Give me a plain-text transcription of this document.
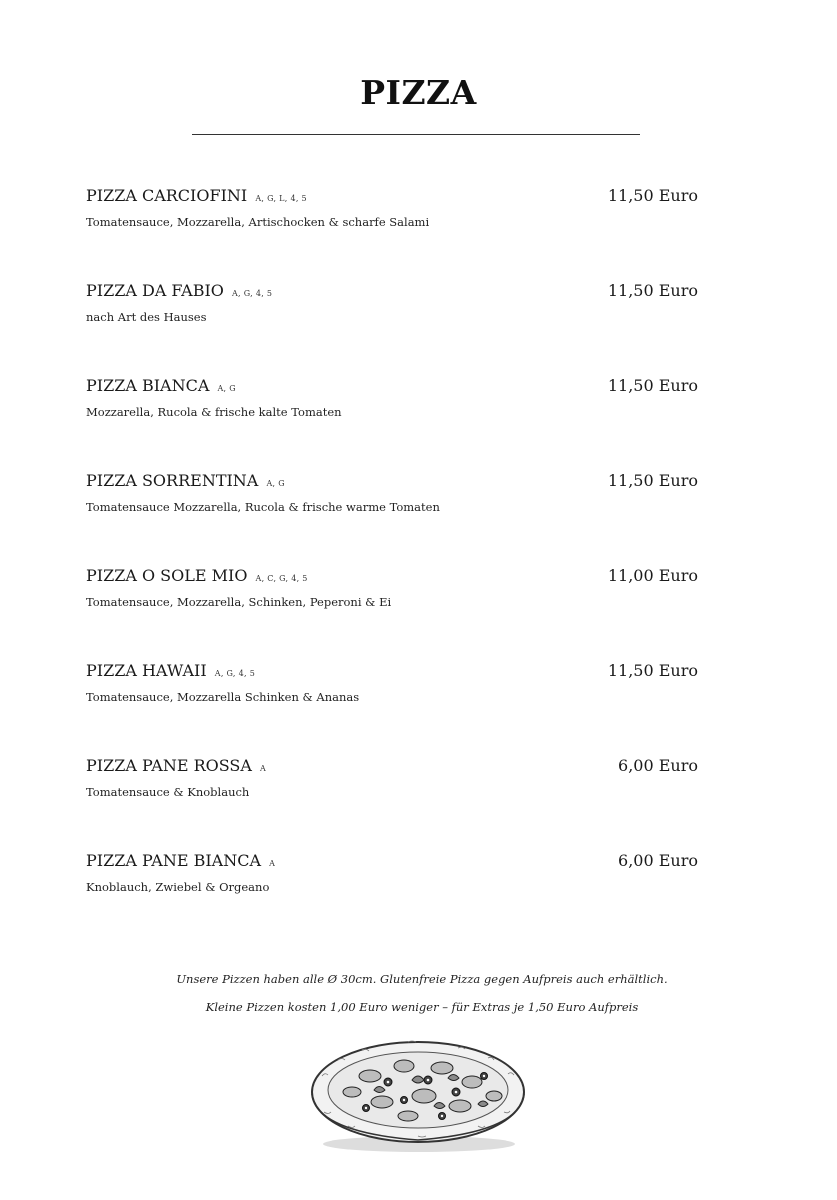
PIZZA
PIZZA CARCIOFINI A, G, L, 4, 5	11,50 Euro
Tomatensauce, Mozzarella, Artischocken & scharfe Salami
PIZZA DA FABIO A, G, 4, 5	11,50 Euro
nach Art des Hauses
PIZZA BIANCA A, G	11,50 Euro
Mozzarella, Rucola & frische kalte Tomaten
PIZZA SORRENTINA A, G	11,50 Euro
Tomatensauce Mozzarella, Rucola & frische warme Tomaten
PIZZA O SOLE MIO A, C, G, 4, 5	11,00 Euro
Tomatensauce, Mozzarella, Schinken, Peperoni & Ei
PIZZA HAWAII A, G, 4, 5	11,50 Euro
Tomatensauce, Mozzarella Schinken & Ananas
PIZZA PANE ROSSA A	6,00 Euro
Tomatensauce & Knoblauch
PIZZA PANE BIANCA A	6,00 Euro
Knoblauch, Zwiebel & Orgeano

Unsere Pizzen haben alle Ø 30cm. Glutenfreie Pizza gegen Aufpreis auch erhältlich.

Kleine Pizzen kosten 1,00 Euro weniger – für Extras je 1,50 Euro Aufpreis
